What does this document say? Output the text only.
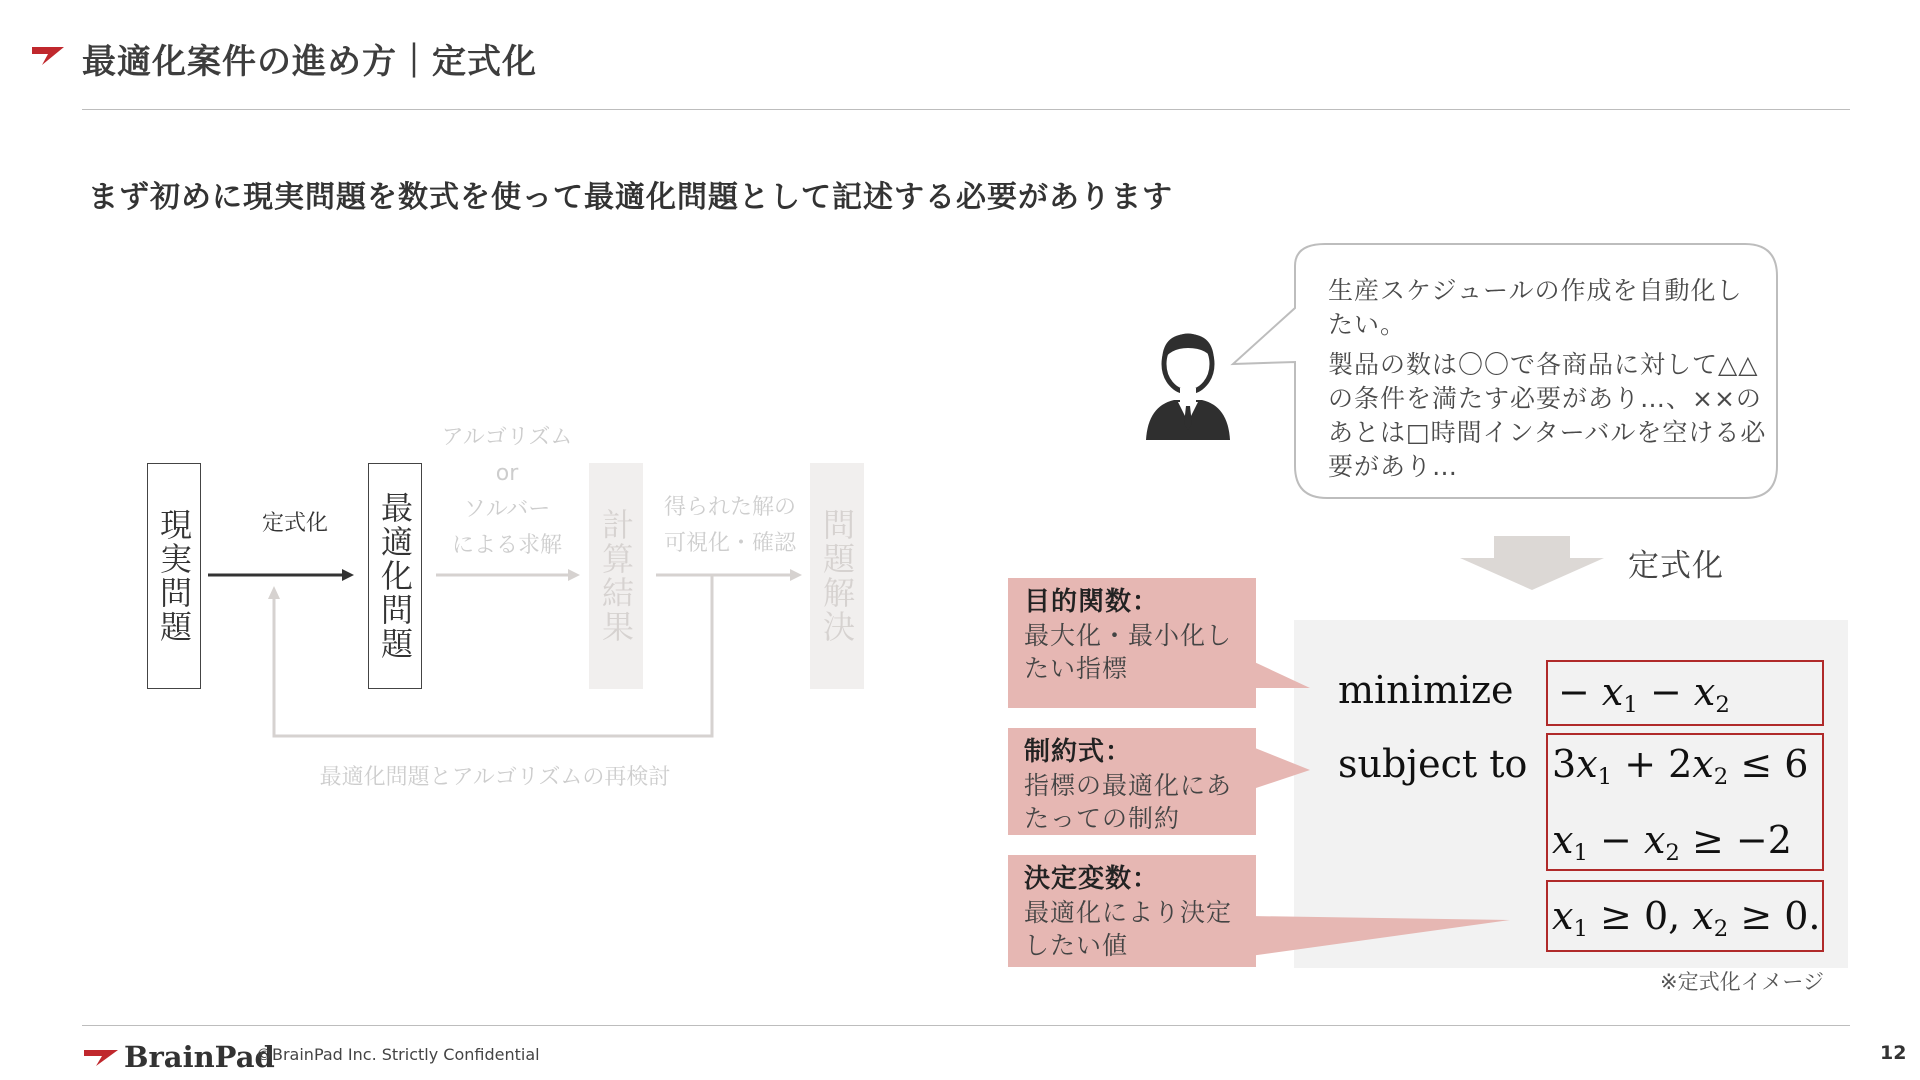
最適化案件の進め方｜定式化
まず初めに現実問題を数式を使って最適化問題として記述する必要があります
現実問題	最適化問題	計算結果	問題解決
定式化
アルゴリズム
or
ソルバー
による求解
得られた解の
可視化・確認
最適化問題とアルゴリズムの再検討

生産スケジュールの作成を自動化したい。

製品の数は〇〇で各商品に対して△△の条件を満たす必要があり…、××のあとは□時間インターバルを空ける必要があり…

定式化
目的関数：
最大化・最小化したい指標
制約式：
指標の最適化にあたっての制約
決定変数：
最適化により決定したい値
minimize
subject to
− $x_1 - x_2$
$3x_1 + 2x_2 \le 6$
$x_1 - x_2 \ge -2$
$x_1 \ge 0$, $x_2 \ge 0$.
※定式化イメージ
BrainPad
©BrainPad Inc. Strictly Confidential	12
